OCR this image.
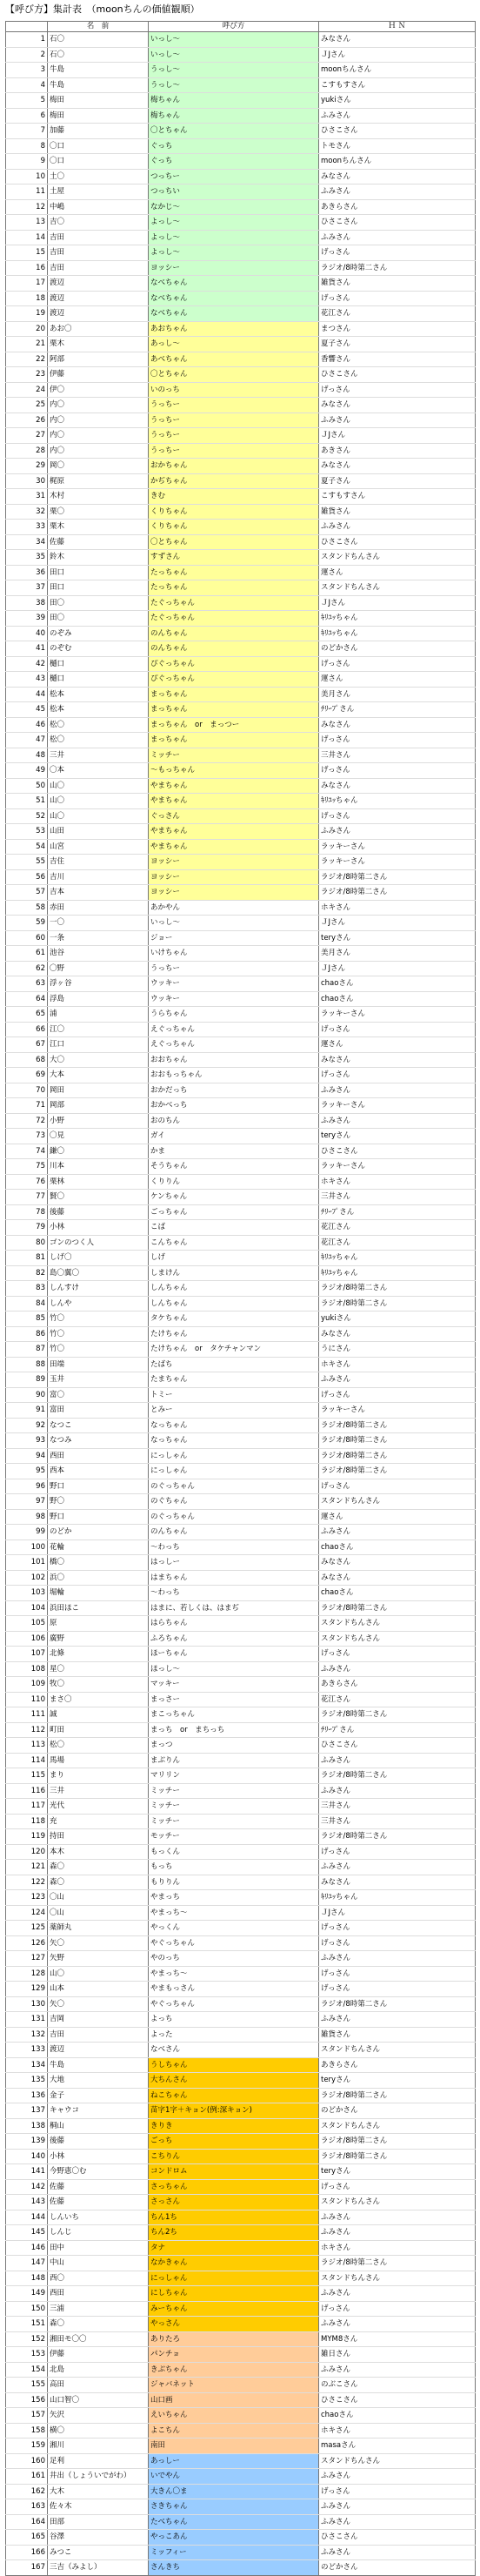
【呼び方】集計表　（moonちんの価値観順）
	名　前	呼び方	Ｈ Ｎ
1	石〇	いっし～	みなさん
2	石〇	いっし～	ＪJさん
3	牛島	うっし～	moonちんさん
4	牛島	うっし～	こすもすさん
5	梅田	梅ちゃん	yukiさん
6	梅田	梅ちゃん	ふみさん
7	加藤	〇とちゃん	ひさこさん
8	〇口	ぐっち	トモさん
9	〇口	ぐっち	moonちんさん
10	土〇	つっちー	みなさん
11	土屋	つっちい	ふみさん
12	中嶋	なかじ～	あきらさん
13	吉〇	よっし～	ひさこさん
14	吉田	よっし～	ふみさん
15	吉田	よっし～	げっさん
16	吉田	ヨッシー	ラジオ/8時第二さん
17	渡辺	なべちゃん	雑貨さん
18	渡辺	なべちゃん	げっさん
19	渡辺	なべちゃん	花江さん
20	あお〇	あおちゃん	まつさん
21	栗木	あっし～	夏子さん
22	阿部	あべちゃん	香響さん
23	伊藤	〇とちゃん	ひさこさん
24	伊〇	いのっち	げっさん
25	内〇	うっちー	みなさん
26	内〇	うっちー	ふみさん
27	内〇	うっちー	ＪJさん
28	内〇	うっちー	あきさん
29	岡〇	おかちゃん	みなさん
30	梶原	かぢちゃん	夏子さん
31	木村	きむ	こすもすさん
32	栗〇	くりちゃん	雑貨さん
33	栗木	くりちゃん	ふみさん
34	佐藤	〇とちゃん	ひさこさん
35	鈴木	すずさん	スタンドちんさん
36	田口	たっちゃん	運さん
37	田口	たっちゃん	スタンドちんさん
38	田〇	たぐっちゃん	ＪJさん
39	田〇	たぐっちゃん	ｷﾘﾕｯちゃん
40	のぞみ	のんちゃん	ｷﾘﾕｯちゃん
41	のぞむ	のんちゃん	のどかさん
42	樋口	ぴぐっちゃん	げっさん
43	樋口	ぴぐっちゃん	運さん
44	松本	まっちゃん	美月さん
45	松本	まっちゃん	ﾁﾘｰﾌﾟさん
46	松〇	まっちゃん　or　まっつー	みなさん
47	松〇	まっちゃん	げっさん
48	三井	ミッチー	三井さん
49	〇本	～もっちゃん	げっさん
50	山〇	やまちゃん	みなさん
51	山〇	やまちゃん	ｷﾘﾕｯちゃん
52	山〇	ぐっさん	げっさん
53	山田	やまちゃん	ふみさん
54	山宮	やまちゃん	ラッキーさん
55	吉住	ヨッシー	ラッキーさん
56	吉川	ヨッシー	ラジオ/8時第二さん
57	吉本	ヨッシー	ラジオ/8時第二さん
58	赤田	あかやん	ホキさん
59	一〇	いっし～	ＪJさん
60	一条	ジョー	teryさん
61	池谷	いけちゃん	美月さん
62	〇野	うっちー	ＪJさん
63	浮ヶ谷	ウッキー	chaoさん
64	浮島	ウッキー	chaoさん
65	浦	うらちゃん	ラッキーさん
66	江〇	えぐっちゃん	げっさん
67	江口	えぐっちゃん	運さん
68	大〇	おおちゃん	みなさん
69	大本	おおもっちゃん	げっさん
70	岡田	おかだっち	ふみさん
71	岡部	おかべっち	ラッキーさん
72	小野	おのちん	ふみさん
73	〇見	ガイ	teryさん
74	鎌〇	かま	ひさこさん
75	川本	そうちゃん	ラッキーさん
76	栗林	くりりん	ホキさん
77	賢〇	ケンちゃん	三井さん
78	後藤	ごっちゃん	ﾁﾘｰﾌﾟさん
79	小林	こば	花江さん
80	ゴンのつく人	こんちゃん	花江さん
81	しげ〇	しげ	ｷﾘﾕｯちゃん
82	島〇翼〇	しまけん	ｷﾘﾕｯちゃん
83	しんすけ	しんちゃん	ラジオ/8時第二さん
84	しんや	しんちゃん	ラジオ/8時第二さん
85	竹〇	タケちゃん	yukiさん
86	竹〇	たけちゃん	みなさん
87	竹〇	たけちゃん　or　タケチャンマン	うにさん
88	田端	たばち	ホキさん
89	玉井	たまちゃん	ふみさん
90	富〇	トミー	げっさん
91	富田	とみー	ラッキーさん
92	なつこ	なっちゃん	ラジオ/8時第二さん
93	なつみ	なっちゃん	ラジオ/8時第二さん
94	西田	にっしゃん	ラジオ/8時第二さん
95	西本	にっしゃん	ラジオ/8時第二さん
96	野口	のぐっちゃん	げっさん
97	野〇	のぐちゃん	スタンドちんさん
98	野口	のぐっちゃん	運さん
99	のどか	のんちゃん	ふみさん
100	花輪	～わっち	chaoさん
101	橋〇	はっしー	みなさん
102	浜〇	はまちゃん	みなさん
103	堀輪	～わっち	chaoさん
104	浜田ほこ	はまに、若しくは、はまぢ	ラジオ/8時第二さん
105	原	はらちゃん	スタンドちんさん
106	廣野	ふろちゃん	スタンドちんさん
107	北條	ほーちゃん	げっさん
108	星〇	ほっし～	ふみさん
109	牧〇	マッキー	あきらさん
110	まさ〇	まっさー	花江さん
111	誠	まこっちゃん	ラジオ/8時第二さん
112	町田	まっち　or　まちっち	ﾁﾘｰﾌﾟさん
113	松〇	まっつ	ひさこさん
114	馬場	まぶりん	ふみさん
115	まり	マリリン	ラジオ/8時第二さん
116	三井	ミッチー	ふみさん
117	光代	ミッチー	三井さん
118	充	ミッチー	三井さん
119	持田	モッチー	ラジオ/8時第二さん
120	本木	もっくん	げっさん
121	森〇	もっち	ふみさん
122	森〇	もりりん	みなさん
123	〇山	やまっち	ｷﾘﾕｯちゃん
124	〇山	やまっち～	ＪJさん
125	薬師丸	やっくん	げっさん
126	矢〇	やぐっちゃん	げっさん
127	矢野	やのっち	ふみさん
128	山〇	やまっち～	げっさん
129	山本	やまもっさん	げっさん
130	矢〇	やぐっちゃん	ラジオ/8時第二さん
131	吉岡	よっち	ふみさん
132	吉田	よった	雑貨さん
133	渡辺	なべさん	スタンドちんさん
134	牛島	うしちゃん	あきらさん
135	大地	大ちんさん	teryさん
136	金子	ねこちゃん	ラジオ/8時第二さん
137	キャウコ	苗字1字＋キョン(例:深キョン)	のどかさん
138	桐山	きりき	スタンドちんさん
139	後藤	ごっち	ラジオ/8時第二さん
140	小林	こちりん	ラジオ/8時第二さん
141	今野恵〇む	コンドロム	teryさん
142	佐藤	さっちゃん	げっさん
143	佐藤	さっさん	スタンドちんさん
144	しんいち	ちん1ち	ふみさん
145	しんじ	ちん2ち	ふみさん
146	田中	タナ	ホキさん
147	中山	なかきゃん	ラジオ/8時第二さん
148	西〇	にっしゃん	スタンドちんさん
149	西田	にしちゃん	ふみさん
150	三浦	みーちゃん	げっさん
151	森〇	やっさん	ふみさん
152	湘田モ〇〇	ありたろ	MYM8さん
153	伊藤	パンチョ	雑日さん
154	北島	きぶちゃん	ふみさん
155	高田	ジャバネット	のぶこさん
156	山口智〇	山口画	ひさこさん
157	矢沢	えいちゃん	chaoさん
158	横〇	よこちん	ホキさん
159	湘川	南田	masaさん
160	足利	あっしー	スタンドちんさん
161	井出（しょういでがわ）	いでやん	ふみさん
162	大木	大きん〇ま	げっさん
163	佐々木	さきちゃん	ふみさん
164	田部	たべちゃん	ふみさん
165	谷澤	やっこあん	ひさこさん
166	みつこ	ミッフィー	ふみさん
167	三吉（みよし）	さんきち	のどかさん
